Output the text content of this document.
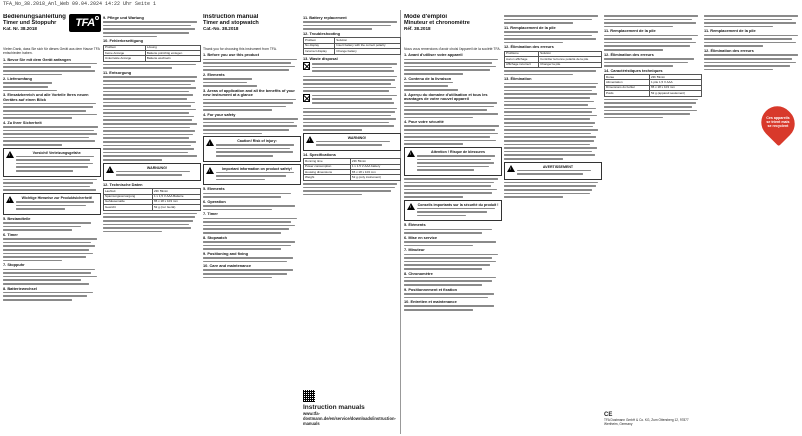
TFA_No_38.2018_Anl_Web 09.04.2024 14:22 Uhr Seite 1
Bedienungsanleitung
Timer und Stoppuhr
Kat. Nr. 38.2018	TFA
Vielen Dank, dass Sie sich für dieses Gerät aus dem Hause TFA entschieden haben.
1. Bevor Sie mit dem Gerät anfangen
2. Lieferumfang
3. Einsatzbereich und alle Vorteile Ihres neuen Gerätes auf einen Blick
4. Zu Ihrer Sicherheit
!
Vorsicht! Verletzungsgefahr:
!
Wichtige Hinweise zur Produktsicherheit!
5. Bestandteile
6. Timer
7. Stoppuhr
8. Batteriewechsel
9. Pflege und Wartung
10. Fehlerbeseitigung
Problem	Lösung
Keine Anzeige	Batterie polrichtig einlegen
Unkorrekte Anzeige	Batterie wechseln
11. Entsorgung
!
WARNUNG!
12. Technische Daten
Laufzeit	23h 59min
Spannungsversorgung	1 x 1,5 V AAA Batterie
Gehäusemaße	65 x 18 x 103 mm
Gewicht	52 g (nur Gerät)
Instruction manual
Timer and stopwatch
Cat.-No. 38.2018
Thank you for choosing this instrument from TFA.
1. Before you use this product
2. Elements
3. Areas of application and all the benefits of your new instrument at a glance
4. For your safety
!
Caution! Risk of injury:
!
Important information on product safety!
5. Elements
6. Operation
7. Timer
8. Stopwatch
9. Positioning and fixing
10. Care and maintenance
11. Battery replacement
12. Troubleshooting
Problem	Solution
No display	Insert battery with the correct polarity
Incorrect display	Change battery
13. Waste disposal
!
WARNING!
14. Specifications
Running time	23h 59min
Power consumption	1 x 1.5 V AAA battery
Housing dimensions	65 x 18 x 103 mm
Weight	52 g (only instrument)
Instruction manuals
www.tfa-dostmann.de/en/service/downloads/instruction-manuals
Mode d'emploi
Minuteur et chronomètre
Réf. 38.2018
Nous vous remercions d'avoir choisi l'appareil de la société TFA.
1. Avant d'utiliser votre appareil
2. Contenu de la livraison
3. Aperçu du domaine d'utilisation et tous les avantages de votre nouvel appareil
4. Pour votre sécurité
!
Attention ! Risque de blessures
!
Conseils importants sur la sécurité du produit !
5. Éléments
6. Mise en service
7. Minuteur
8. Chronomètre
9. Positionnement et fixation
10. Entretien et maintenance
11. Remplacement de la pile
12. Élimination des erreurs
Problème	Solution
Aucun affichage	Contrôler la bonne polarité de la pile
Affichage incorrect	Changer la pile
13. Élimination
!
AVERTISSEMENT
11. Remplacement de la pile
12. Élimination des erreurs
14. Caractéristiques techniques
Durée	23h 59min
Alimentation	1 pile 1,5 V AAA
Dimensions du boîtier	65 x 18 x 103 mm
Poids	52 g (appareil seulement)
CE
TFA Dostmann GmbH & Co. KG, Zum Ottersberg 12, 97877 Wertheim, Germany
11. Remplacement de la pile
12. Élimination des erreurs
Ces appareils se trient mais se recyclent
